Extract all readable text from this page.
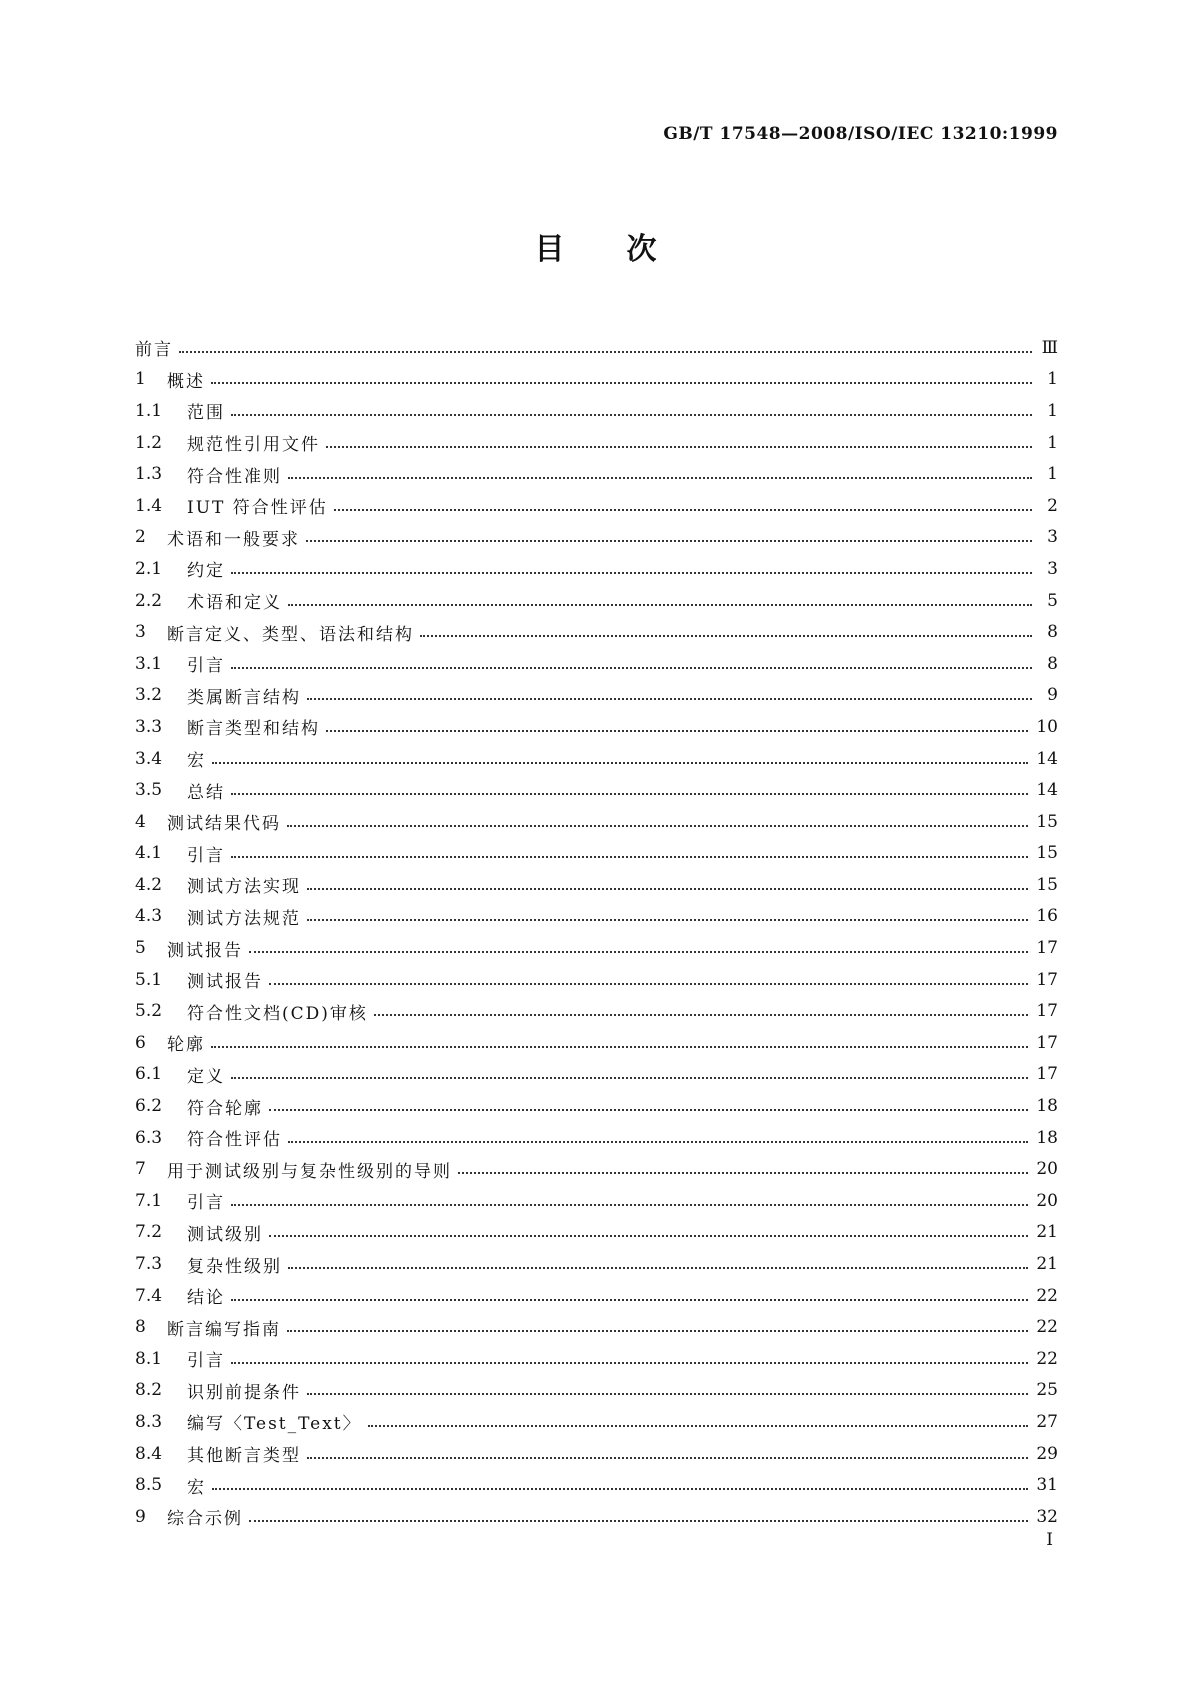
GB/T 17548—2008/ISO/IEC 13210:1999
目次
前言	Ⅲ
1	概述	1
1.1	范围	1
1.2	规范性引用文件	1
1.3	符合性准则	1
1.4	IUT 符合性评估	2
2	术语和一般要求	3
2.1	约定	3
2.2	术语和定义	5
3	断言定义、类型、语法和结构	8
3.1	引言	8
3.2	类属断言结构	9
3.3	断言类型和结构	10
3.4	宏	14
3.5	总结	14
4	测试结果代码	15
4.1	引言	15
4.2	测试方法实现	15
4.3	测试方法规范	16
5	测试报告	17
5.1	测试报告	17
5.2	符合性文档(CD)审核	17
6	轮廓	17
6.1	定义	17
6.2	符合轮廓	18
6.3	符合性评估	18
7	用于测试级别与复杂性级别的导则	20
7.1	引言	20
7.2	测试级别	21
7.3	复杂性级别	21
7.4	结论	22
8	断言编写指南	22
8.1	引言	22
8.2	识别前提条件	25
8.3	编写〈Test_Text〉	27
8.4	其他断言类型	29
8.5	宏	31
9	综合示例	32
I
